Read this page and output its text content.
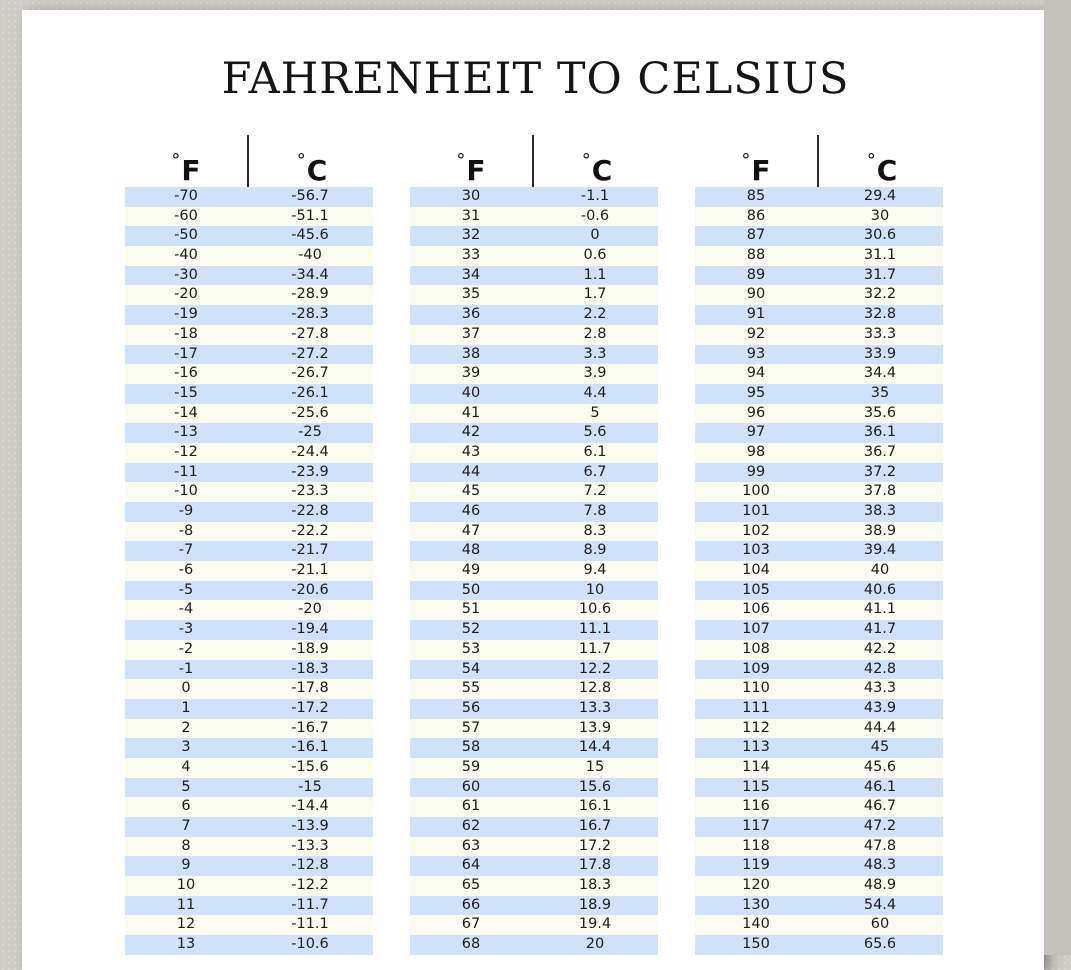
FAHRENHEIT TO CELSIUS
°F	°C
-70	-56.7
-60	-51.1
-50	-45.6
-40	-40
-30	-34.4
-20	-28.9
-19	-28.3
-18	-27.8
-17	-27.2
-16	-26.7
-15	-26.1
-14	-25.6
-13	-25
-12	-24.4
-11	-23.9
-10	-23.3
-9	-22.8
-8	-22.2
-7	-21.7
-6	-21.1
-5	-20.6
-4	-20
-3	-19.4
-2	-18.9
-1	-18.3
0	-17.8
1	-17.2
2	-16.7
3	-16.1
4	-15.6
5	-15
6	-14.4
7	-13.9
8	-13.3
9	-12.8
10	-12.2
11	-11.7
12	-11.1
13	-10.6
°F	°C
30	-1.1
31	-0.6
32	0
33	0.6
34	1.1
35	1.7
36	2.2
37	2.8
38	3.3
39	3.9
40	4.4
41	5
42	5.6
43	6.1
44	6.7
45	7.2
46	7.8
47	8.3
48	8.9
49	9.4
50	10
51	10.6
52	11.1
53	11.7
54	12.2
55	12.8
56	13.3
57	13.9
58	14.4
59	15
60	15.6
61	16.1
62	16.7
63	17.2
64	17.8
65	18.3
66	18.9
67	19.4
68	20
°F	°C
85	29.4
86	30
87	30.6
88	31.1
89	31.7
90	32.2
91	32.8
92	33.3
93	33.9
94	34.4
95	35
96	35.6
97	36.1
98	36.7
99	37.2
100	37.8
101	38.3
102	38.9
103	39.4
104	40
105	40.6
106	41.1
107	41.7
108	42.2
109	42.8
110	43.3
111	43.9
112	44.4
113	45
114	45.6
115	46.1
116	46.7
117	47.2
118	47.8
119	48.3
120	48.9
130	54.4
140	60
150	65.6
